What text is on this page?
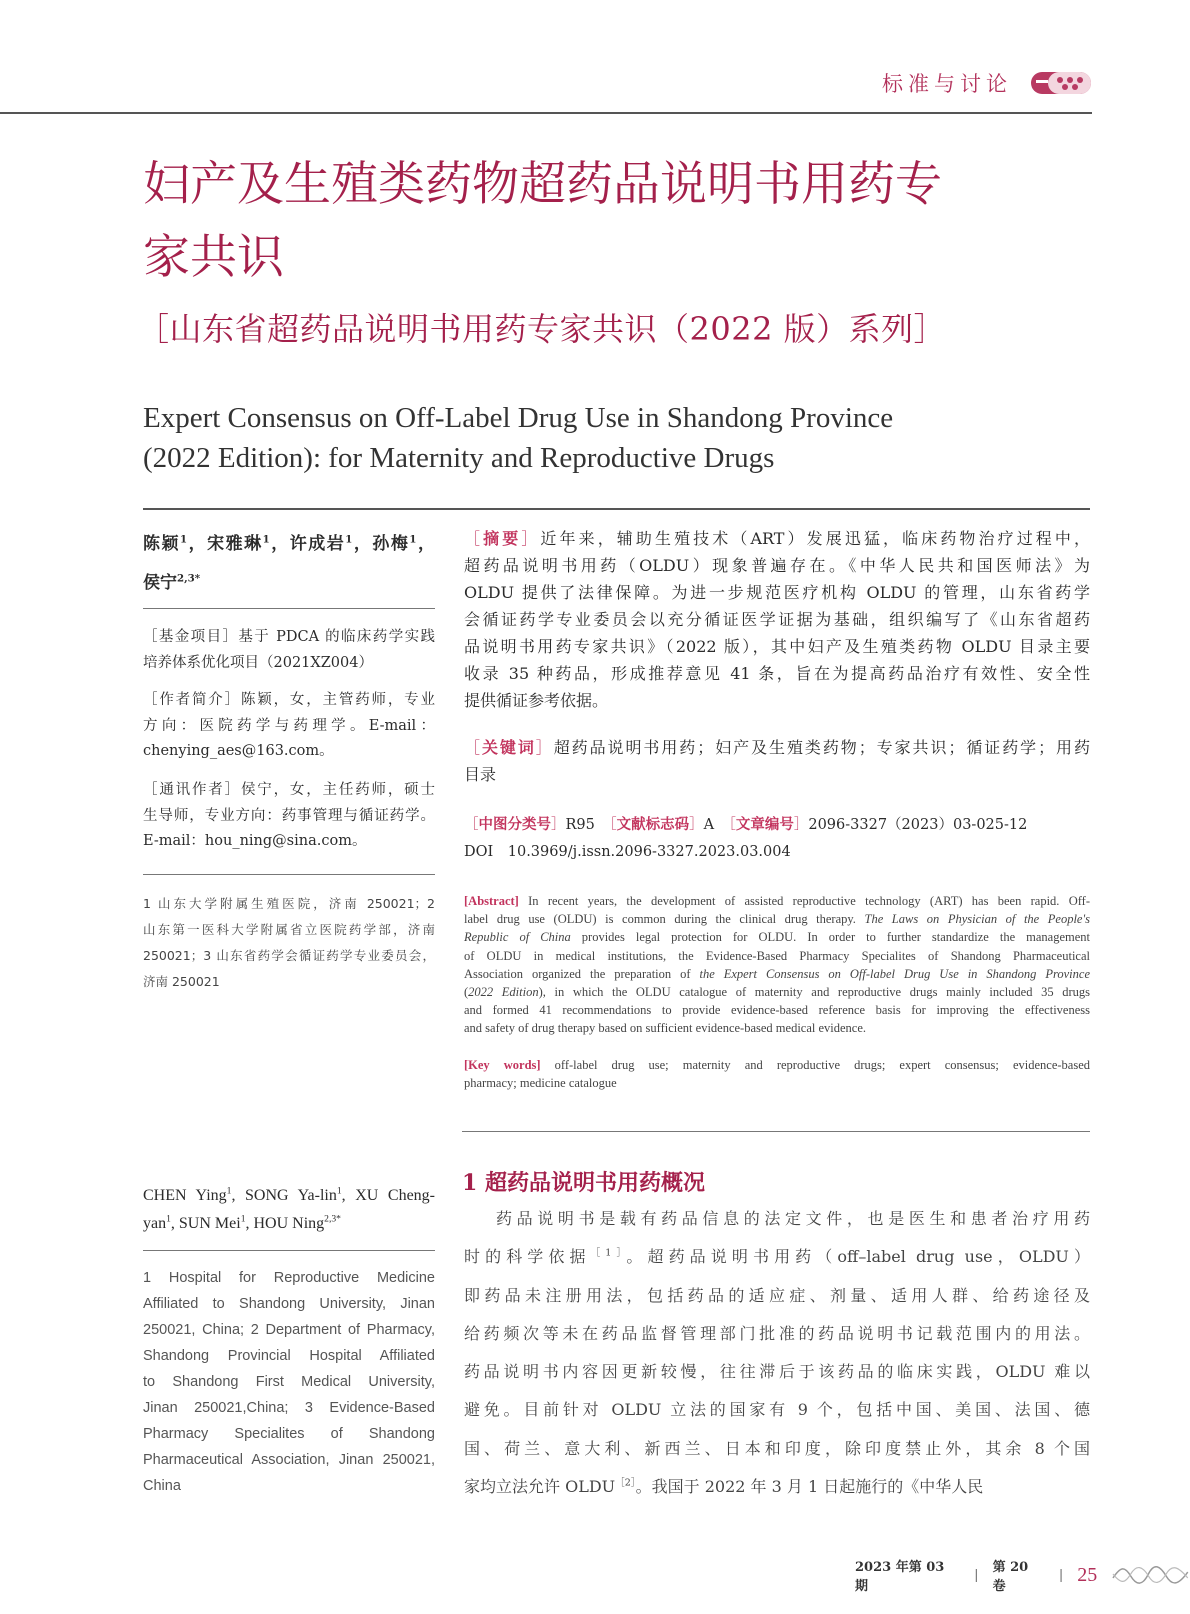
标准与讨论
妇产及生殖类药物超药品说明书用药专
家共识
［山东省超药品说明书用药专家共识（2022 版）系列］
Expert Consensus on Off-Label Drug Use in Shandong Province
(2022 Edition): for Maternity and Reproductive Drugs
陈颖$^1$，宋雅琳$^1$，许成岩$^1$，孙梅$^1$，
侯宁$^{2,3*}$
［基金项目］基于 PDCA 的临床药学实践
培养体系优化项目（2021XZ004）
［作者简介］陈颖，女，主管药师，专业
方向：医院药学与药理学。E-mail：
chenying_aes@163.com。
［通讯作者］侯宁，女，主任药师，硕士
生导师，专业方向：药事管理与循证药学。
E-mail：hou_ning@sina.com。
1 山东大学附属生殖医院，济南 250021；2
山东第一医科大学附属省立医院药学部，济南
250021；3 山东省药学会循证药学专业委员会，
济南 250021
CHEN Ying$^1$, SONG Ya-lin$^1$, XU Cheng-
yan$^1$, SUN Mei$^1$, HOU Ning$^{2,3*}$
1 Hospital for Reproductive Medicine
Affiliated to Shandong University, Jinan
250021, China; 2 Department of Pharmacy,
Shandong Provincial Hospital Affiliated
to Shandong First Medical University,
Jinan 250021,China; 3 Evidence-Based
Pharmacy Specialites of Shandong
Pharmaceutical Association, Jinan 250021,
China
［摘要］近年来，辅助生殖技术（ART）发展迅猛，临床药物治疗过程中，
超药品说明书用药（OLDU）现象普遍存在。《中华人民共和国医师法》为
OLDU 提供了法律保障。为进一步规范医疗机构 OLDU 的管理，山东省药学
会循证药学专业委员会以充分循证医学证据为基础，组织编写了《山东省超药
品说明书用药专家共识》（2022 版），其中妇产及生殖类药物 OLDU 目录主要
收录 35 种药品，形成推荐意见 41 条，旨在为提高药品治疗有效性、安全性
提供循证参考依据。
［关键词］超药品说明书用药；妇产及生殖类药物；专家共识；循证药学；用药
目录
［中图分类号］R95　［文献标志码］A　［文章编号］2096-3327（2023）03-025-12
DOI　10.3969/j.issn.2096-3327.2023.03.004
[Abstract] In recent years, the development of assisted reproductive technology (ART) has been rapid. Off-
label drug use (OLDU) is common during the clinical drug therapy. The Laws on Physician of the People's
Republic of China provides legal protection for OLDU. In order to further standardize the management
of OLDU in medical institutions, the Evidence-Based Pharmacy Specialites of Shandong Pharmaceutical
Association organized the preparation of the Expert Consensus on Off-label Drug Use in Shandong Province
(2022 Edition), in which the OLDU catalogue of maternity and reproductive drugs mainly included 35 drugs
and formed 41 recommendations to provide evidence-based reference basis for improving the effectiveness
and safety of drug therapy based on sufficient evidence-based medical evidence.
[Key words] off-label drug use; maternity and reproductive drugs; expert consensus; evidence-based
pharmacy; medicine catalogue
1 超药品说明书用药概况
药品说明书是载有药品信息的法定文件，也是医生和患者治疗用药
时的科学依据$^{[1]}$。超药品说明书用药（off–label drug use，OLDU）
即药品未注册用法，包括药品的适应症、剂量、适用人群、给药途径及
给药频次等未在药品监督管理部门批准的药品说明书记载范围内的用法。
药品说明书内容因更新较慢，往往滞后于该药品的临床实践，OLDU 难以
避免。目前针对 OLDU 立法的国家有 9 个，包括中国、美国、法国、德
国、荷兰、意大利、新西兰、日本和印度，除印度禁止外，其余 8 个国
家均立法允许 $OLDU^{[2]}$。我国于 2022 年 3 月 1 日起施行的《中华人民
2023 年第 03 期
| 第 20 卷
| 25
